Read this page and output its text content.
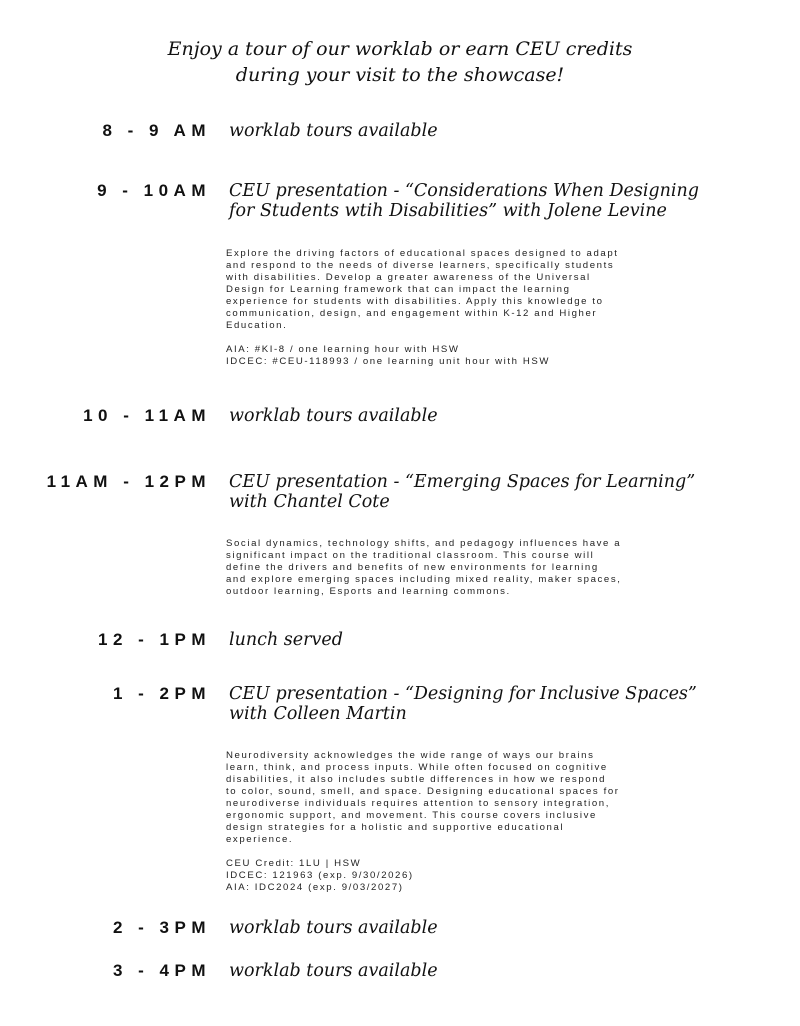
Enjoy a tour of our worklab or earn CEU credits
during your visit to the showcase!
8 - 9 AM worklab tours available
9 - 10AM CEU presentation - “Considerations When Designing
for Students wtih Disabilities” with Jolene Levine
Explore the driving factors of educational spaces designed to adapt
and respond to the needs of diverse learners, specifically students
with disabilities. Develop a greater awareness of the Universal
Design for Learning framework that can impact the learning
experience for students with disabilities. Apply this knowledge to
communication, design, and engagement within K-12 and Higher
Education.
AIA: #KI-8 / one learning hour with HSW
IDCEC: #CEU-118993 / one learning unit hour with HSW
10 - 11AM worklab tours available
11AM - 12PM CEU presentation - “Emerging Spaces for Learning”
with Chantel Cote
Social dynamics, technology shifts, and pedagogy influences have a
significant impact on the traditional classroom. This course will
define the drivers and benefits of new environments for learning
and explore emerging spaces including mixed reality, maker spaces,
outdoor learning, Esports and learning commons.
12 - 1PM lunch served
1 - 2PM CEU presentation - “Designing for Inclusive Spaces”
with Colleen Martin
Neurodiversity acknowledges the wide range of ways our brains
learn, think, and process inputs. While often focused on cognitive
disabilities, it also includes subtle differences in how we respond
to color, sound, smell, and space. Designing educational spaces for
neurodiverse individuals requires attention to sensory integration,
ergonomic support, and movement. This course covers inclusive
design strategies for a holistic and supportive educational
experience.
CEU Credit: 1LU | HSW
IDCEC: 121963 (exp. 9/30/2026)
AIA: IDC2024 (exp. 9/03/2027)
2 - 3PM worklab tours available
3 - 4PM worklab tours available
